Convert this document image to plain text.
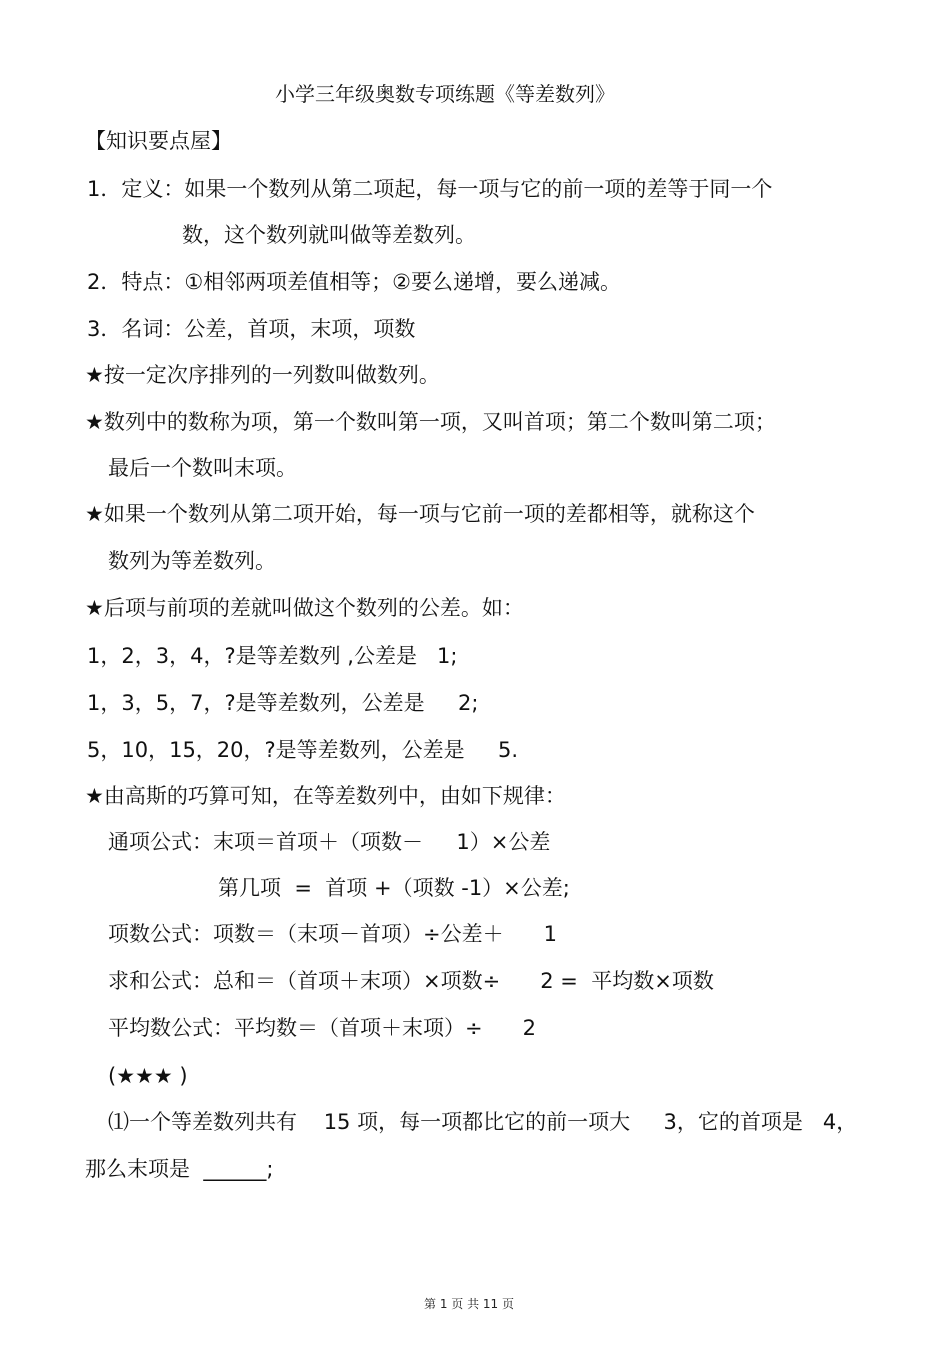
小学三年级奥数专项练题《等差数列》
【知识要点屋】
1．定义：如果一个数列从第二项起，每一项与它的前一项的差等于同一个
数，这个数列就叫做等差数列。
2．特点：①相邻两项差值相等；②要么递增，要么递减。
3．名词：公差，首项，末项，项数
★按一定次序排列的一列数叫做数列。
★数列中的数称为项，第一个数叫第一项，又叫首项；第二个数叫第二项；
最后一个数叫末项。
★如果一个数列从第二项开始，每一项与它前一项的差都相等，就称这个
数列为等差数列。
★后项与前项的差就叫做这个数列的公差。如：
1，2，3，4，?是等差数列 ,公差是   1;
1，3，5，7，?是等差数列，公差是     2;
5，10，15，20，?是等差数列，公差是     5.
★由高斯的巧算可知，在等差数列中，由如下规律：
通项公式：末项＝首项＋（项数－     1）×公差
第几项  =  首项 +（项数 -1）×公差;
项数公式：项数＝（末项－首项）÷公差＋      1
求和公式：总和＝（首项＋末项）×项数÷      2 =  平均数×项数
平均数公式：平均数＝（首项＋末项）÷      2
(★★★ )
⑴一个等差数列共有    15 项，每一项都比它的前一项大     3，它的首项是   4，
那么末项是  ______;
第 1 页 共 11 页
